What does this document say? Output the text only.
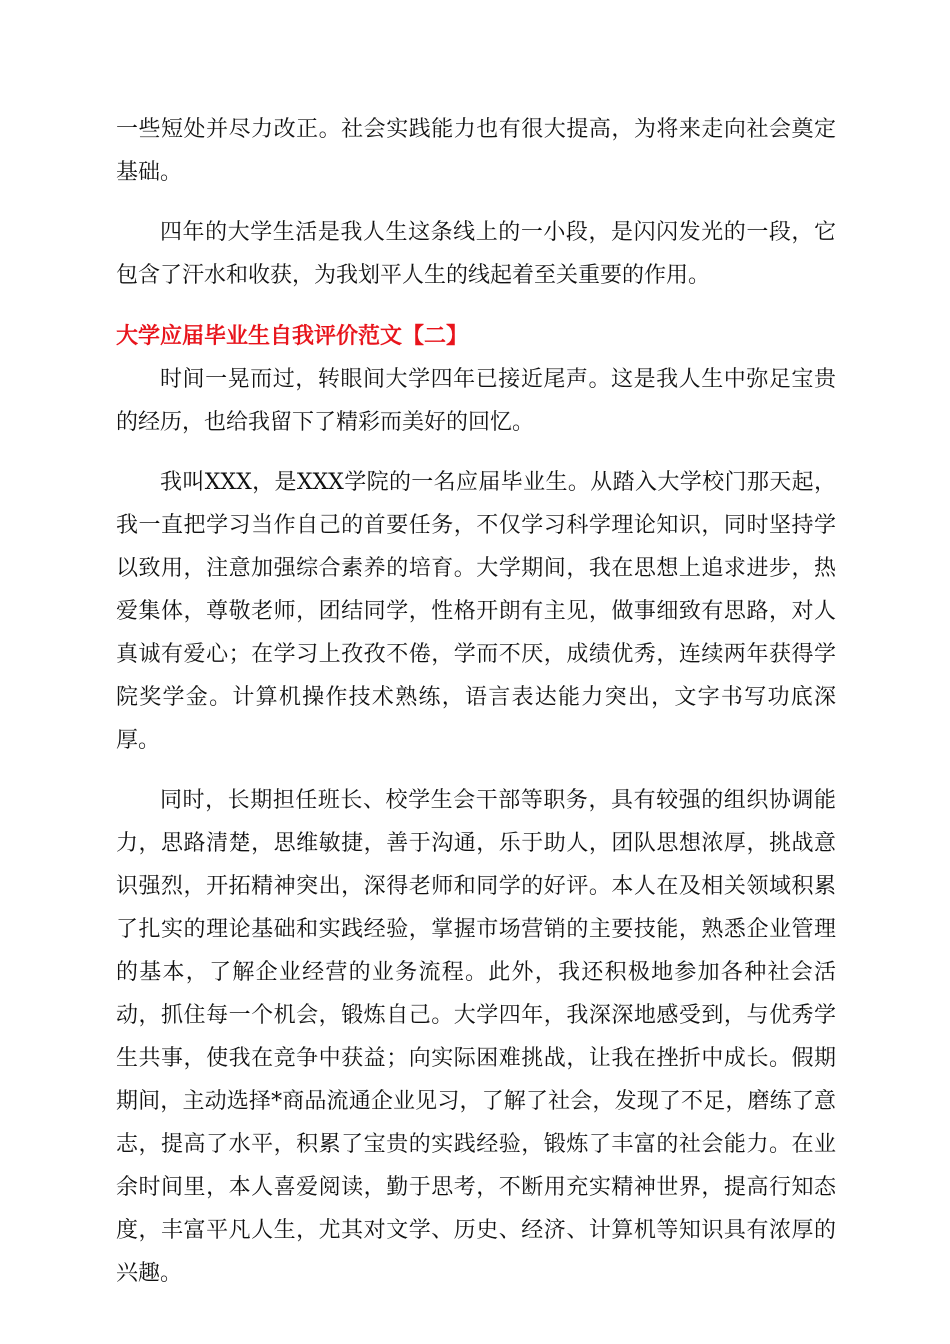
一些短处并尽力改正。社会实践能力也有很大提高，为将来走向社会奠定基础。

四年的大学生活是我人生这条线上的一小段，是闪闪发光的一段，它包含了汗水和收获，为我划平人生的线起着至关重要的作用。

大学应届毕业生自我评价范文【二】

时间一晃而过，转眼间大学四年已接近尾声。这是我人生中弥足宝贵的经历，也给我留下了精彩而美好的回忆。

我叫XXX，是XXX学院的一名应届毕业生。从踏入大学校门那天起，我一直把学习当作自己的首要任务，不仅学习科学理论知识，同时坚持学以致用，注意加强综合素养的培育。大学期间，我在思想上追求进步，热爱集体，尊敬老师，团结同学，性格开朗有主见，做事细致有思路，对人真诚有爱心；在学习上孜孜不倦，学而不厌，成绩优秀，连续两年获得学院奖学金。计算机操作技术熟练，语言表达能力突出，文字书写功底深厚。

同时，长期担任班长、校学生会干部等职务，具有较强的组织协调能力，思路清楚，思维敏捷，善于沟通，乐于助人，团队思想浓厚，挑战意识强烈，开拓精神突出，深得老师和同学的好评。本人在及相关领域积累了扎实的理论基础和实践经验，掌握市场营销的主要技能，熟悉企业管理的基本，了解企业经营的业务流程。此外，我还积极地参加各种社会活动，抓住每一个机会，锻炼自己。大学四年，我深深地感受到，与优秀学生共事，使我在竞争中获益；向实际困难挑战，让我在挫折中成长。假期期间，主动选择*商品流通企业见习，了解了社会，发现了不足，磨练了意志，提高了水平，积累了宝贵的实践经验，锻炼了丰富的社会能力。在业余时间里，本人喜爱阅读，勤于思考，不断用充实精神世界，提高行知态度，丰富平凡人生，尤其对文学、历史、经济、计算机等知识具有浓厚的兴趣。
